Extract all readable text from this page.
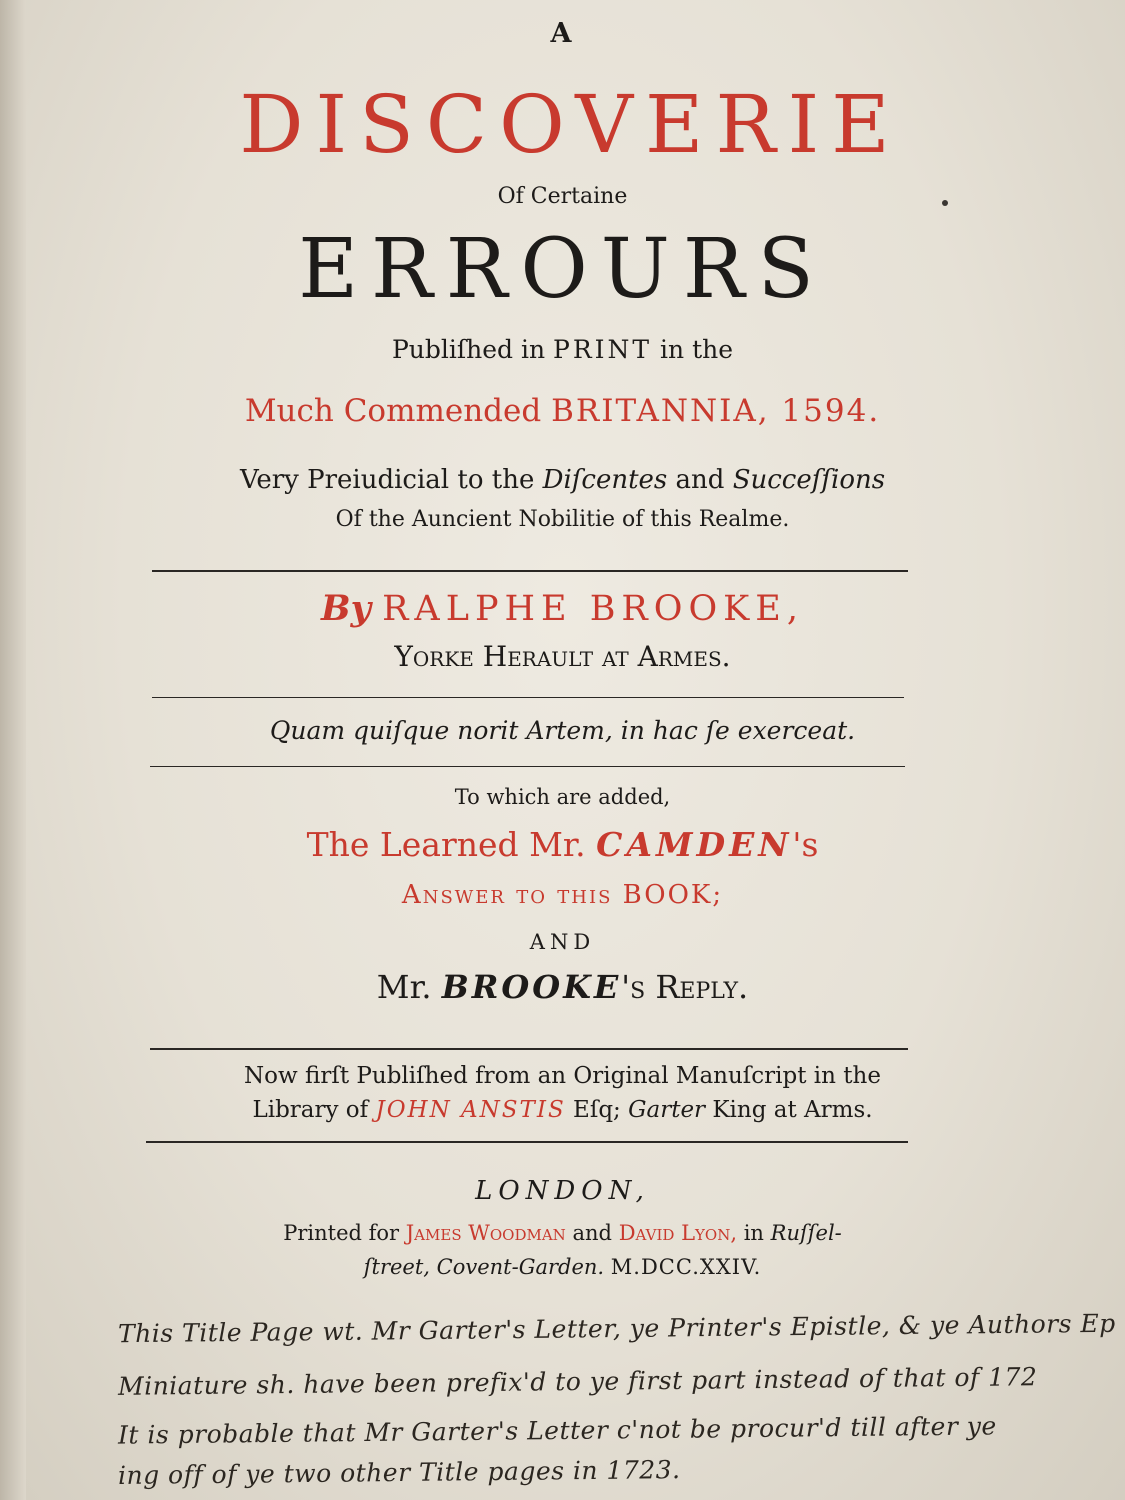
A
DISCOVERIE
Of Certaine
ERROURS
Publiſhed in PRINT in the
Much Commended BRITANNIA, 1594.
Very Preiudicial to the Diſcentes and Succeſſions
Of the Auncient Nobilitie of this Realme.
By RALPHE BROOKE,
Yorke Herault at Armes.
Quam quiſque norit Artem, in hac ſe exerceat.
To which are added,
The Learned Mr. CAMDEN's
Answer to this BOOK;
AND
Mr. BROOKE's Reply.
Now firſt Publiſhed from an Original Manuſcript in the
Library of JOHN ANSTIS Eſq; Garter King at Arms.
LONDON,
Printed for James Woodman and David Lyon, in Ruſſel-
ſtreet, Covent-Garden. M.DCC.XXIV.
This Title Page wt. Mr Garter's Letter, ye Printer's Epistle, & ye Authors Ep
Miniature sh. have been prefix'd to ye first part instead of that of 172
It is probable that Mr Garter's Letter c'not be procur'd till after ye
ing off of ye two other Title pages in 1723.
